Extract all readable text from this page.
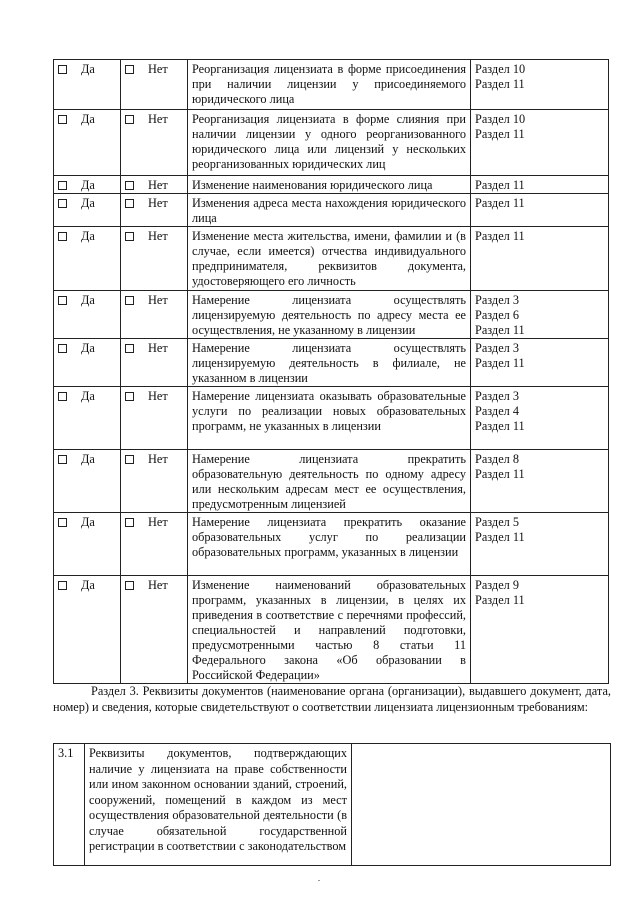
Да	Нет	Реорганизация лицензиата в форме присоединения при наличии лицензии у присоединяемого юридического лица	Раздел 10
Раздел 11

Да	Нет	Реорганизация лицензиата в форме слияния при наличии лицензии у одного реорганизованного юридического лица или лицензий у нескольких реорганизованных юридических лиц	Раздел 10
Раздел 11

Да	Нет	Изменение наименования юридического лица	Раздел 11

Да	Нет	Изменения адреса места нахождения юридического лица	Раздел 11

Да	Нет	Изменение места жительства, имени, фамилии и (в случае, если имеется) отчества индивидуального предпринимателя, реквизитов документа, удостоверяющего его личность	Раздел 11

Да	Нет	Намерение лицензиата осуществлять лицензируемую деятельность по адресу места ее осуществления, не указанному в лицензии	Раздел 3
Раздел 6
Раздел 11

Да	Нет	Намерение лицензиата осуществлять лицензируемую деятельность в филиале, не указанном в лицензии	Раздел 3
Раздел 11

Да	Нет	Намерение лицензиата оказывать образовательные услуги по реализации новых образовательных программ, не указанных в лицензии	Раздел 3
Раздел 4
Раздел 11

Да	Нет	Намерение лицензиата прекратить образовательную деятельность по одному адресу или нескольким адресам мест ее осуществления, предусмотренным лицензией	Раздел 8
Раздел 11

Да	Нет	Намерение лицензиата прекратить оказание образовательных услуг по реализации образовательных программ, указанных в лицензии	Раздел 5
Раздел 11

Да	Нет	Изменение наименований образовательных программ, указанных в лицензии, в целях их приведения в соответствие с перечнями профессий, специальностей и направлений подготовки, предусмотренными частью 8 статьи 11 Федерального закона «Об образовании в Российской Федерации»	Раздел 9
Раздел 11
Раздел 3. Реквизиты документов (наименование органа (организации), выдавшего документ, дата, номер) и сведения, которые свидетельствуют о соответствии лицензиата лицензионным требованиям:
3.1	Реквизиты документов, подтверждающих наличие у лицензиата на праве собственности или ином законном основании зданий, строений, сооружений, помещений в каждом из мест осуществления образовательной деятельности (в случае обязательной государственной регистрации в соответствии с законодательством	
